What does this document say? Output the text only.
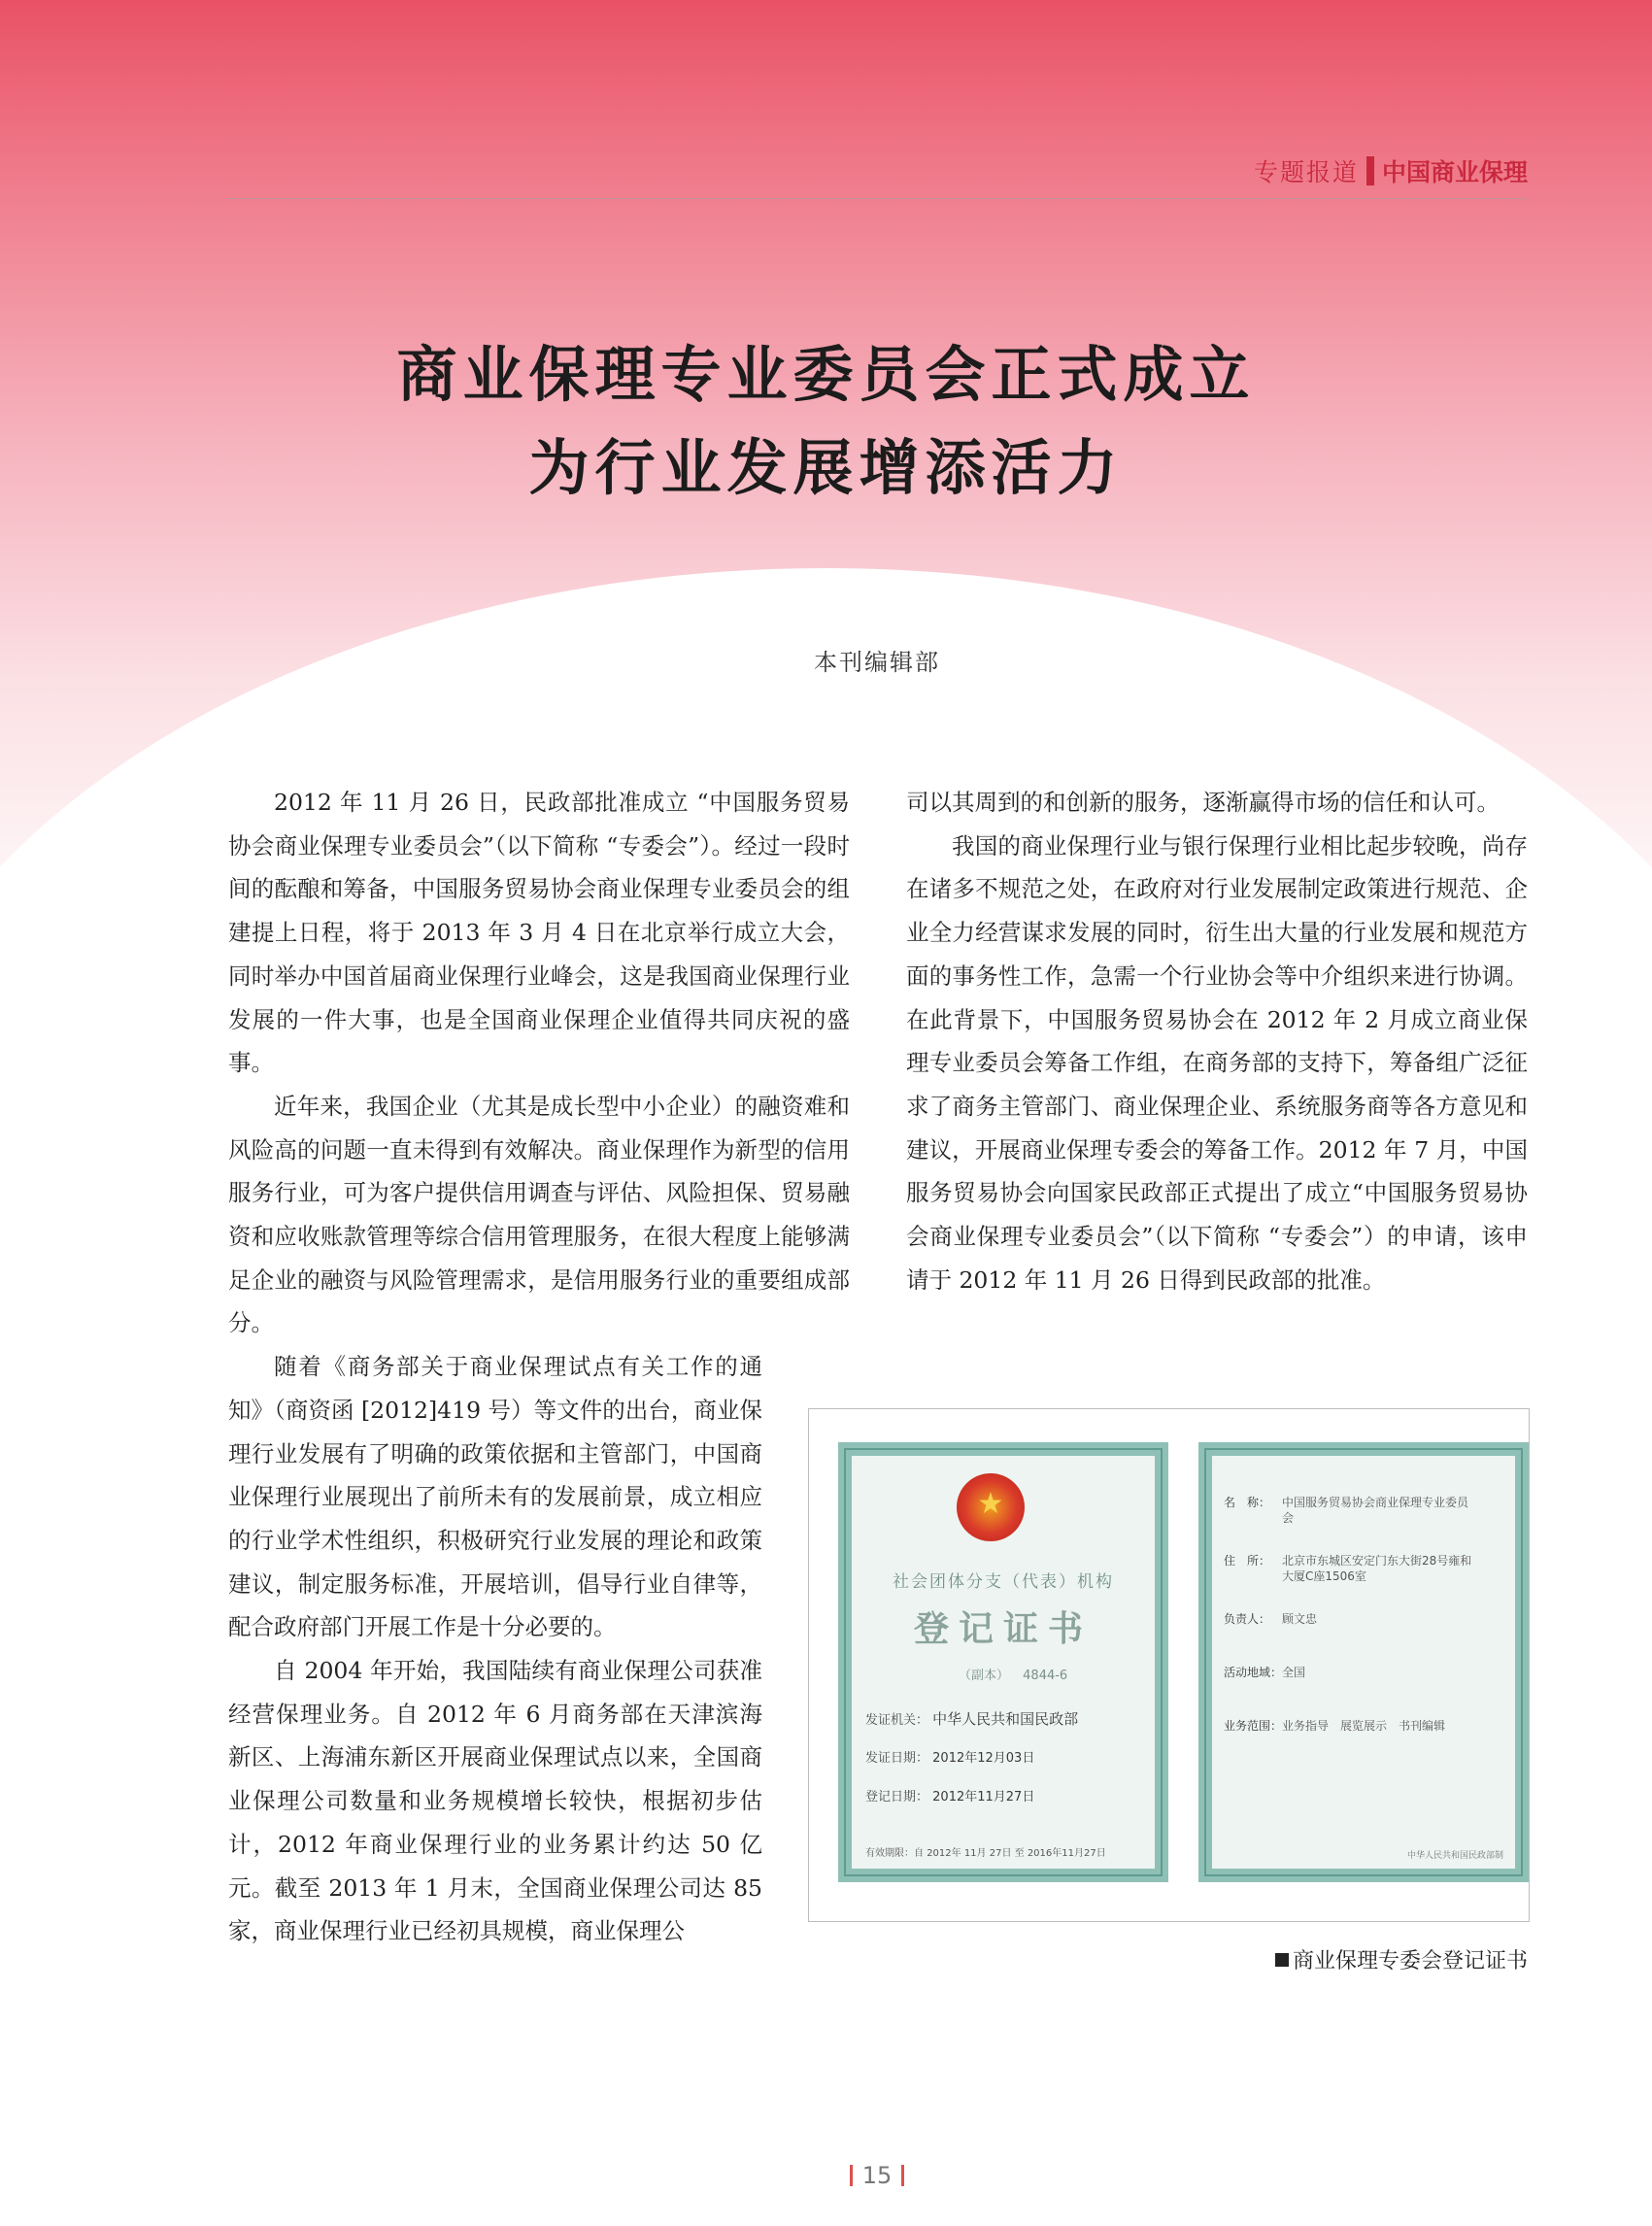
专题报道 中国商业保理
商业保理专业委员会正式成立
为行业发展增添活力
本刊编辑部

2012 年 11 月 26 日，民政部批准成立 “中国服务贸易协会商业保理专业委员会”（以下简称 “专委会”）。经过一段时间的酝酿和筹备，中国服务贸易协会商业保理专业委员会的组建提上日程，将于 2013 年 3 月 4 日在北京举行成立大会，同时举办中国首届商业保理行业峰会，这是我国商业保理行业发展的一件大事，也是全国商业保理企业值得共同庆祝的盛事。

近年来，我国企业（尤其是成长型中小企业）的融资难和风险高的问题一直未得到有效解决。商业保理作为新型的信用服务行业，可为客户提供信用调查与评估、风险担保、贸易融资和应收账款管理等综合信用管理服务，在很大程度上能够满足企业的融资与风险管理需求，是信用服务行业的重要组成部分。

随着《商务部关于商业保理试点有关工作的通知》（商资函 [2012]419 号）等文件的出台，商业保理行业发展有了明确的政策依据和主管部门，中国商业保理行业展现出了前所未有的发展前景，成立相应的行业学术性组织，积极研究行业发展的理论和政策建议，制定服务标准，开展培训，倡导行业自律等，配合政府部门开展工作是十分必要的。

自 2004 年开始，我国陆续有商业保理公司获准经营保理业务。自 2012 年 6 月商务部在天津滨海新区、上海浦东新区开展商业保理试点以来，全国商业保理公司数量和业务规模增长较快，根据初步估计，2012 年商业保理行业的业务累计约达 50 亿元。截至 2013 年 1 月末，全国商业保理公司达 85 家，商业保理行业已经初具规模，商业保理公

司以其周到的和创新的服务，逐渐赢得市场的信任和认可。

我国的商业保理行业与银行保理行业相比起步较晚，尚存在诸多不规范之处，在政府对行业发展制定政策进行规范、企业全力经营谋求发展的同时，衍生出大量的行业发展和规范方面的事务性工作，急需一个行业协会等中介组织来进行协调。在此背景下，中国服务贸易协会在 2012 年 2 月成立商业保理专业委员会筹备工作组，在商务部的支持下，筹备组广泛征求了商务主管部门、商业保理企业、系统服务商等各方意见和建议，开展商业保理专委会的筹备工作。2012 年 7 月，中国服务贸易协会向国家民政部正式提出了成立“中国服务贸易协会商业保理专业委员会”（以下简称 “专委会”）的申请，该申请于 2012 年 11 月 26 日得到民政部的批准。

★
社会团体分支（代表）机构
登记证书
（副本） 4844-6
发证机关： 中华人民共和国民政部
发证日期： 2012年12月03日
登记日期： 2012年11月27日
有效期限：自 2012年 11月 27日 至 2016年11月27日
名　称： 中国服务贸易协会商业保理专业委员会
住　所： 北京市东城区安定门东大街28号雍和大厦C座1506室
负责人： 顾文忠
活动地域：全国
业务范围：业务指导　展览展示　书刊编辑
中华人民共和国民政部制
商业保理专委会登记证书
15
